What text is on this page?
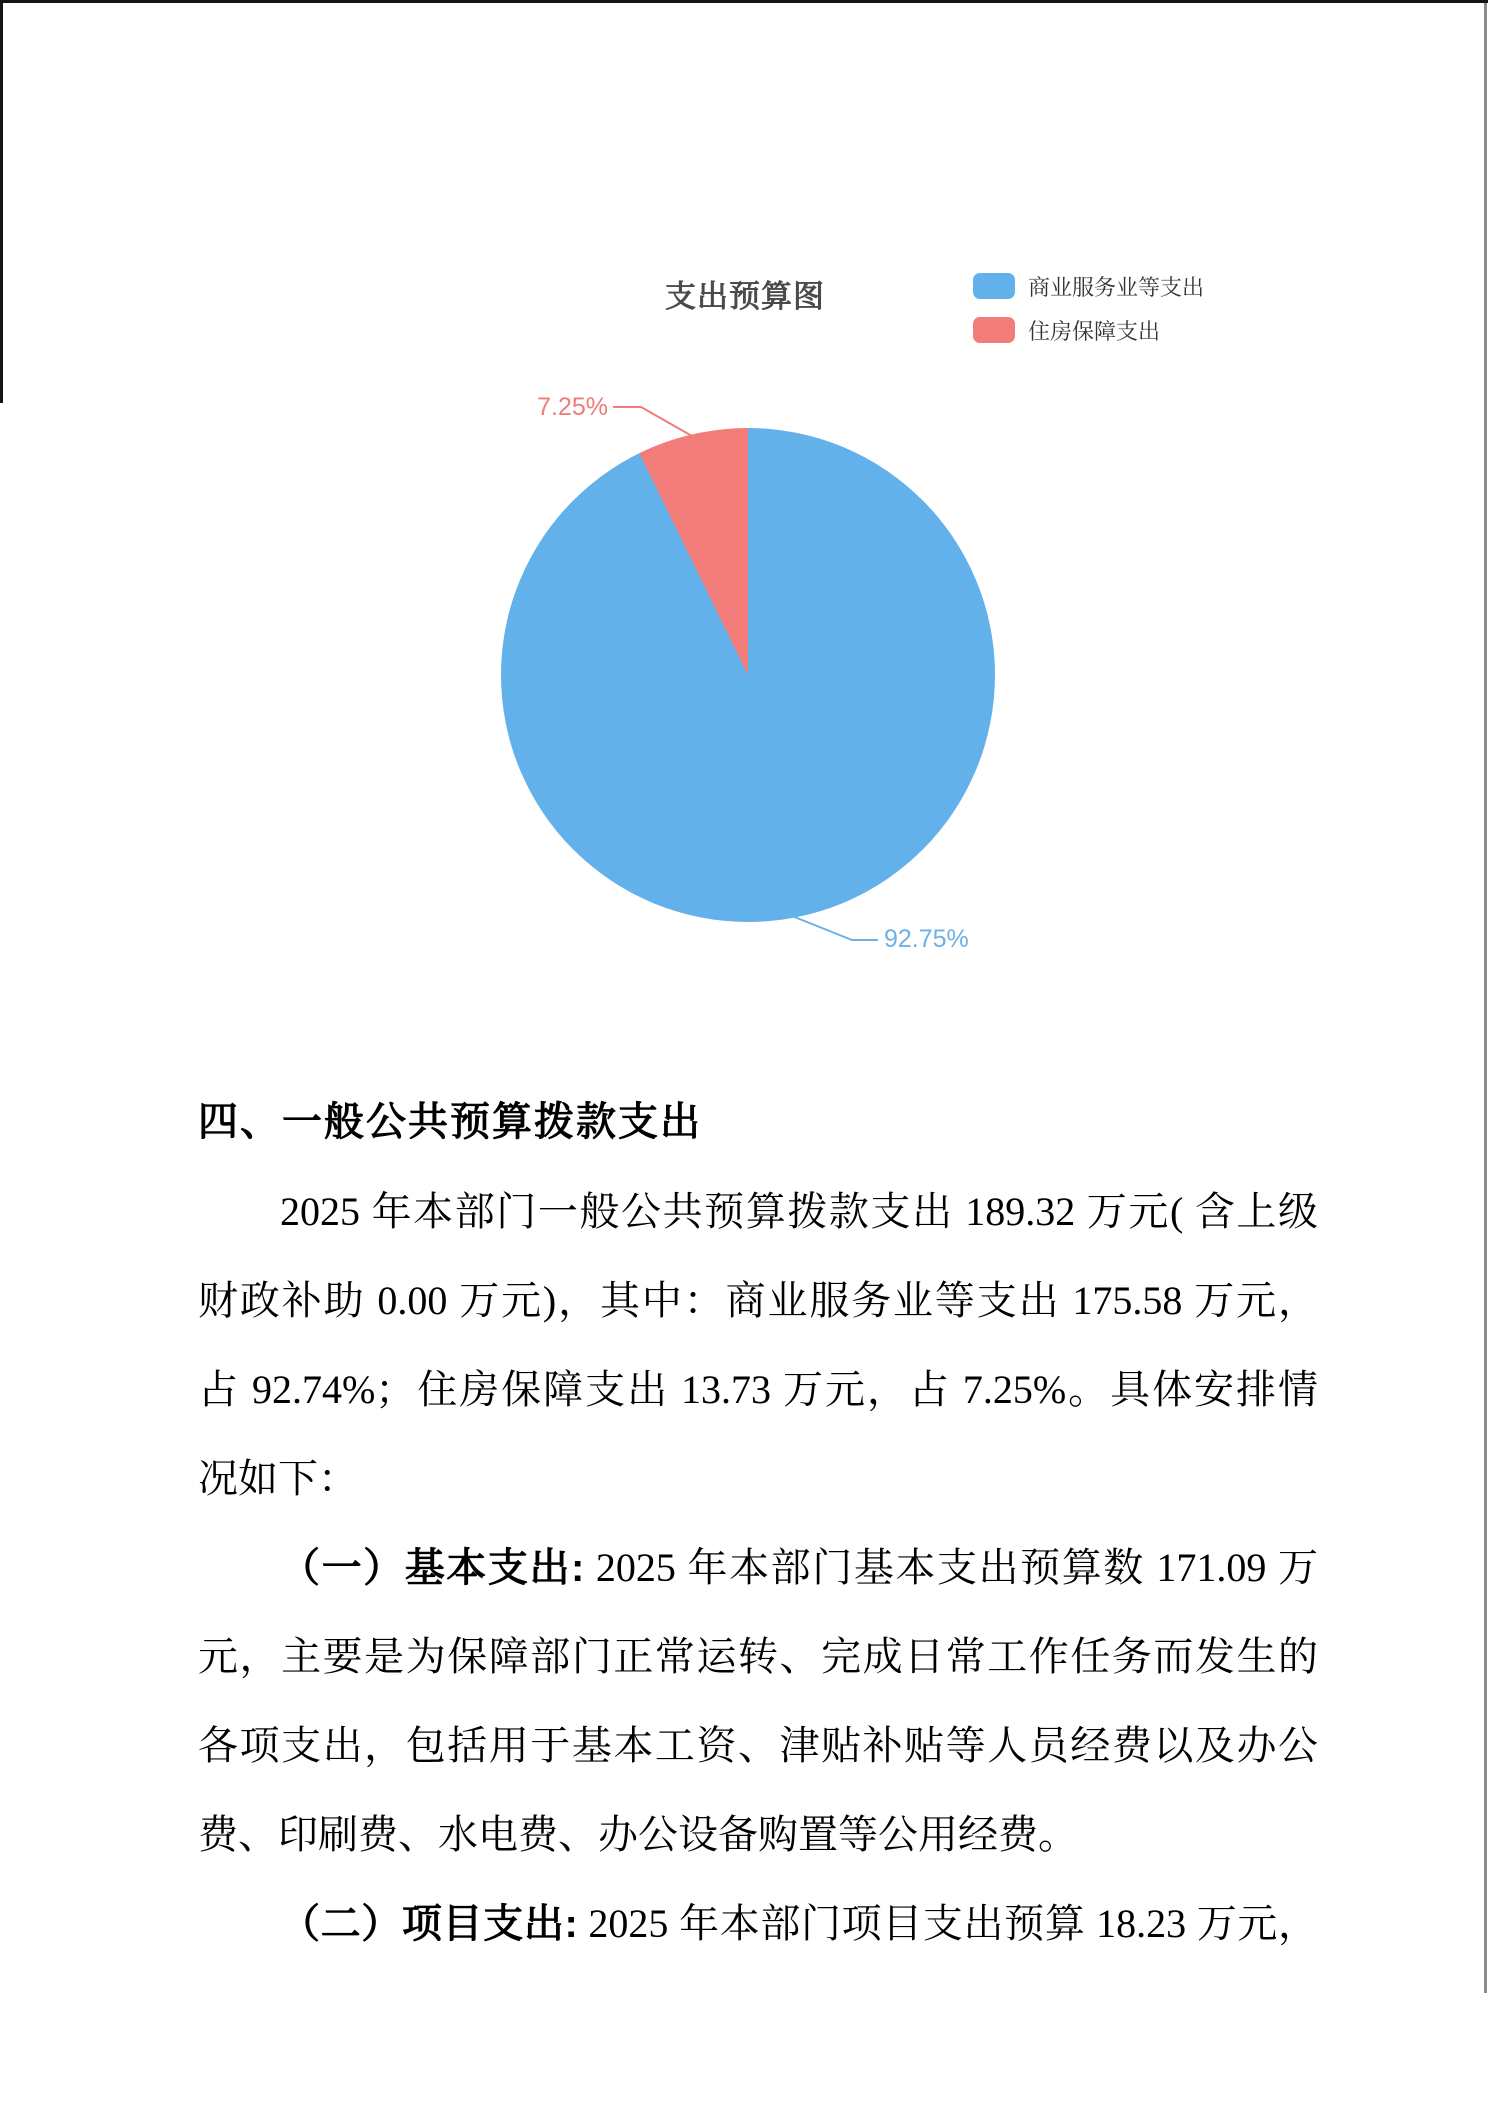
支出预算图	商业服务业等支出
住房保障支出
7.25%
92.75%
四、一般公共预算拨款支出
2025 年本部门一般公共预算拨款支出 189.32 万元( 含上级
财政补助 0.00 万元)，其中：商业服务业等支出 175.58 万元，
占 92.74%；住房保障支出 13.73 万元，占 7.25%。具体安排情
况如下：
（一）基本支出: 2025 年本部门基本支出预算数 171.09 万
元，主要是为保障部门正常运转、完成日常工作任务而发生的
各项支出，包括用于基本工资、津贴补贴等人员经费以及办公
费、印刷费、水电费、办公设备购置等公用经费。
（二）项目支出: 2025 年本部门项目支出预算 18.23 万元，
